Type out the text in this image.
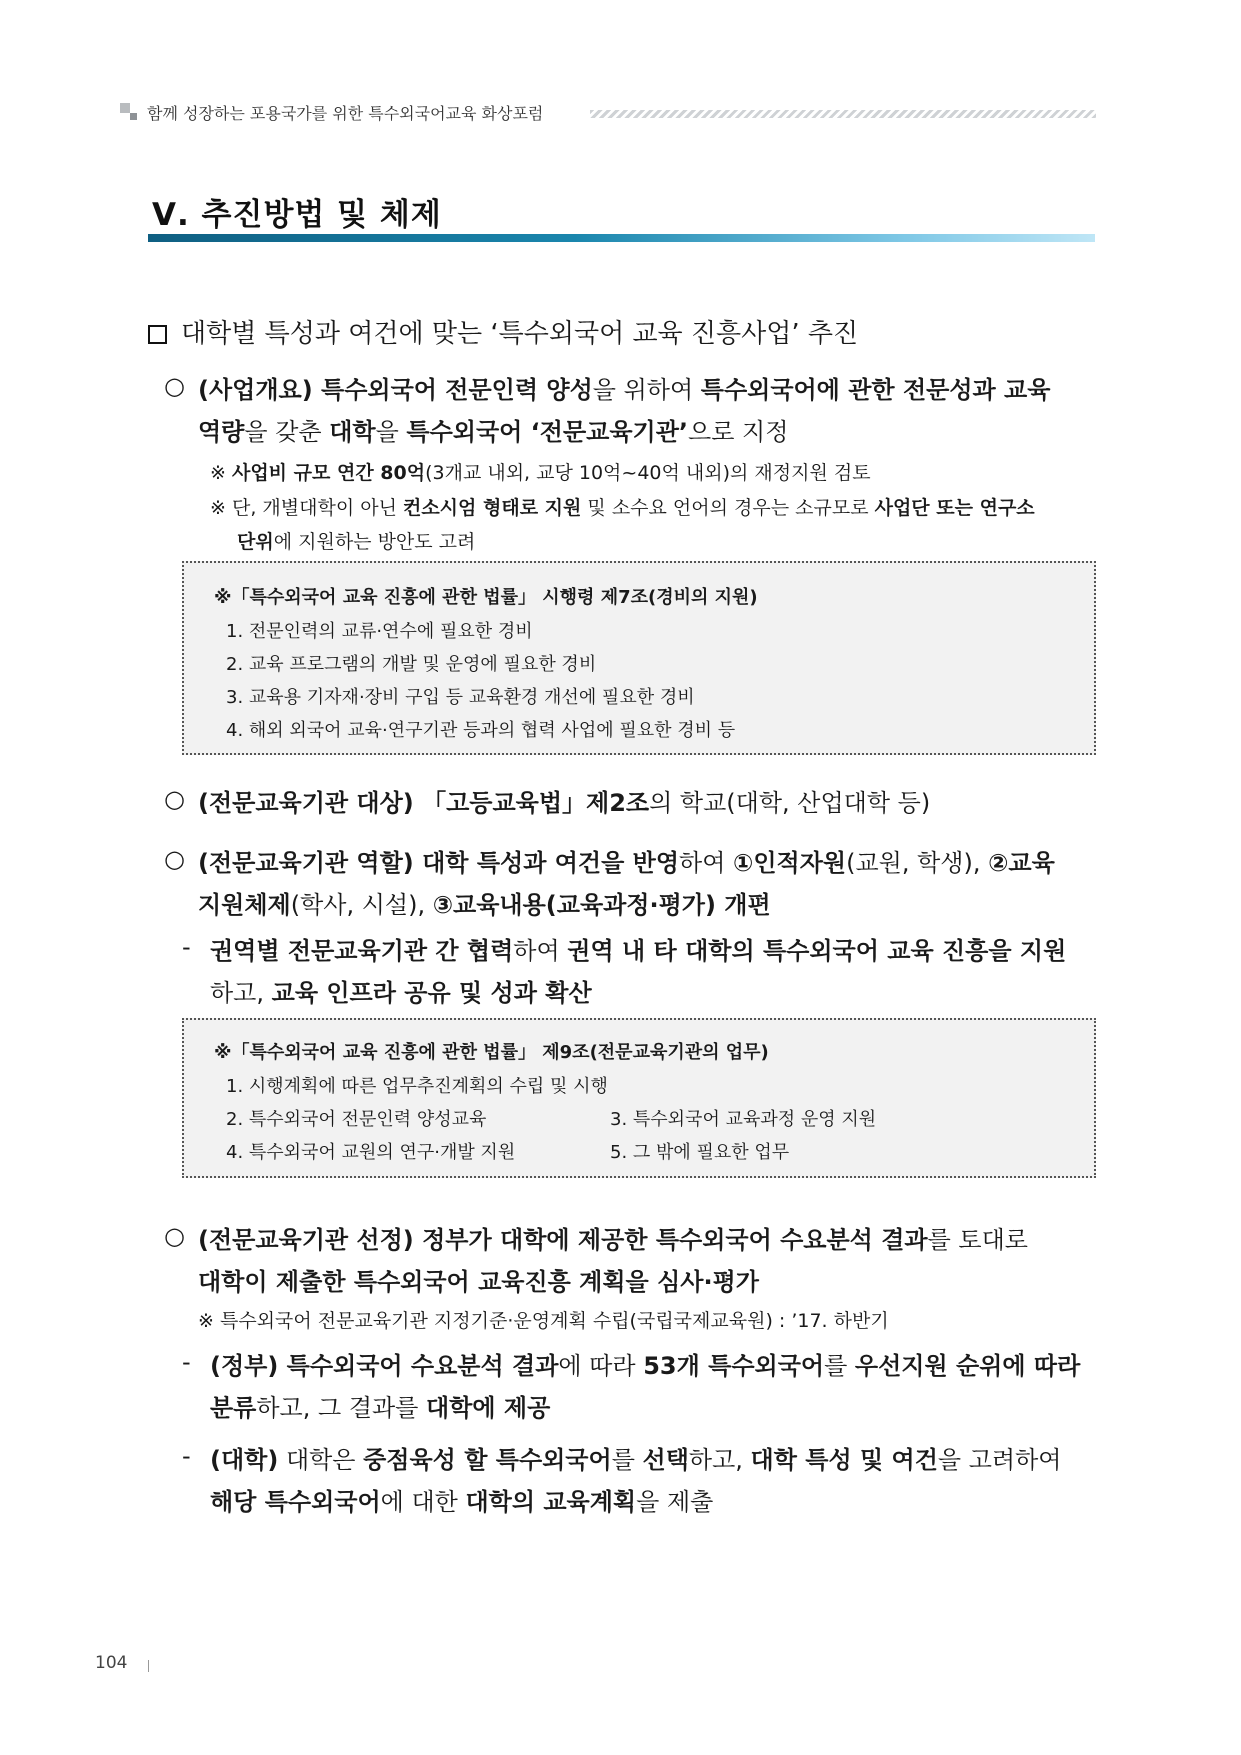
함께 성장하는 포용국가를 위한 특수외국어교육 화상포럼
Ⅴ. 추진방법 및 체제
대학별 특성과 여건에 맞는 ‘특수외국어 교육 진흥사업’ 추진
○ (사업개요) 특수외국어 전문인력 양성을 위하여 특수외국어에 관한 전문성과 교육
역량을 갖춘 대학을 특수외국어 ‘전문교육기관’으로 지정
※ 사업비 규모 연간 80억(3개교 내외, 교당 10억~40억 내외)의 재정지원 검토
※ 단, 개별대학이 아닌 컨소시엄 형태로 지원 및 소수요 언어의 경우는 소규모로 사업단 또는 연구소
단위에 지원하는 방안도 고려
※「특수외국어 교육 진흥에 관한 법률」 시행령 제7조(경비의 지원)
1. 전문인력의 교류·연수에 필요한 경비
2. 교육 프로그램의 개발 및 운영에 필요한 경비
3. 교육용 기자재·장비 구입 등 교육환경 개선에 필요한 경비
4. 해외 외국어 교육·연구기관 등과의 협력 사업에 필요한 경비 등
○ (전문교육기관 대상) 「고등교육법」제2조의 학교(대학, 산업대학 등)
○ (전문교육기관 역할) 대학 특성과 여건을 반영하여 ①인적자원(교원, 학생), ②교육
지원체제(학사, 시설), ③교육내용(교육과정·평가) 개편
- 권역별 전문교육기관 간 협력하여 권역 내 타 대학의 특수외국어 교육 진흥을 지원
하고, 교육 인프라 공유 및 성과 확산
※「특수외국어 교육 진흥에 관한 법률」 제9조(전문교육기관의 업무)
1. 시행계획에 따른 업무추진계획의 수립 및 시행
2. 특수외국어 전문인력 양성교육	3. 특수외국어 교육과정 운영 지원
4. 특수외국어 교원의 연구·개발 지원	5. 그 밖에 필요한 업무
○ (전문교육기관 선정) 정부가 대학에 제공한 특수외국어 수요분석 결과를 토대로
대학이 제출한 특수외국어 교육진흥 계획을 심사·평가
※ 특수외국어 전문교육기관 지정기준·운영계획 수립(국립국제교육원) : ’17. 하반기
- (정부) 특수외국어 수요분석 결과에 따라 53개 특수외국어를 우선지원 순위에 따라
분류하고, 그 결과를 대학에 제공
- (대학) 대학은 중점육성 할 특수외국어를 선택하고, 대학 특성 및 여건을 고려하여
해당 특수외국어에 대한 대학의 교육계획을 제출
104
